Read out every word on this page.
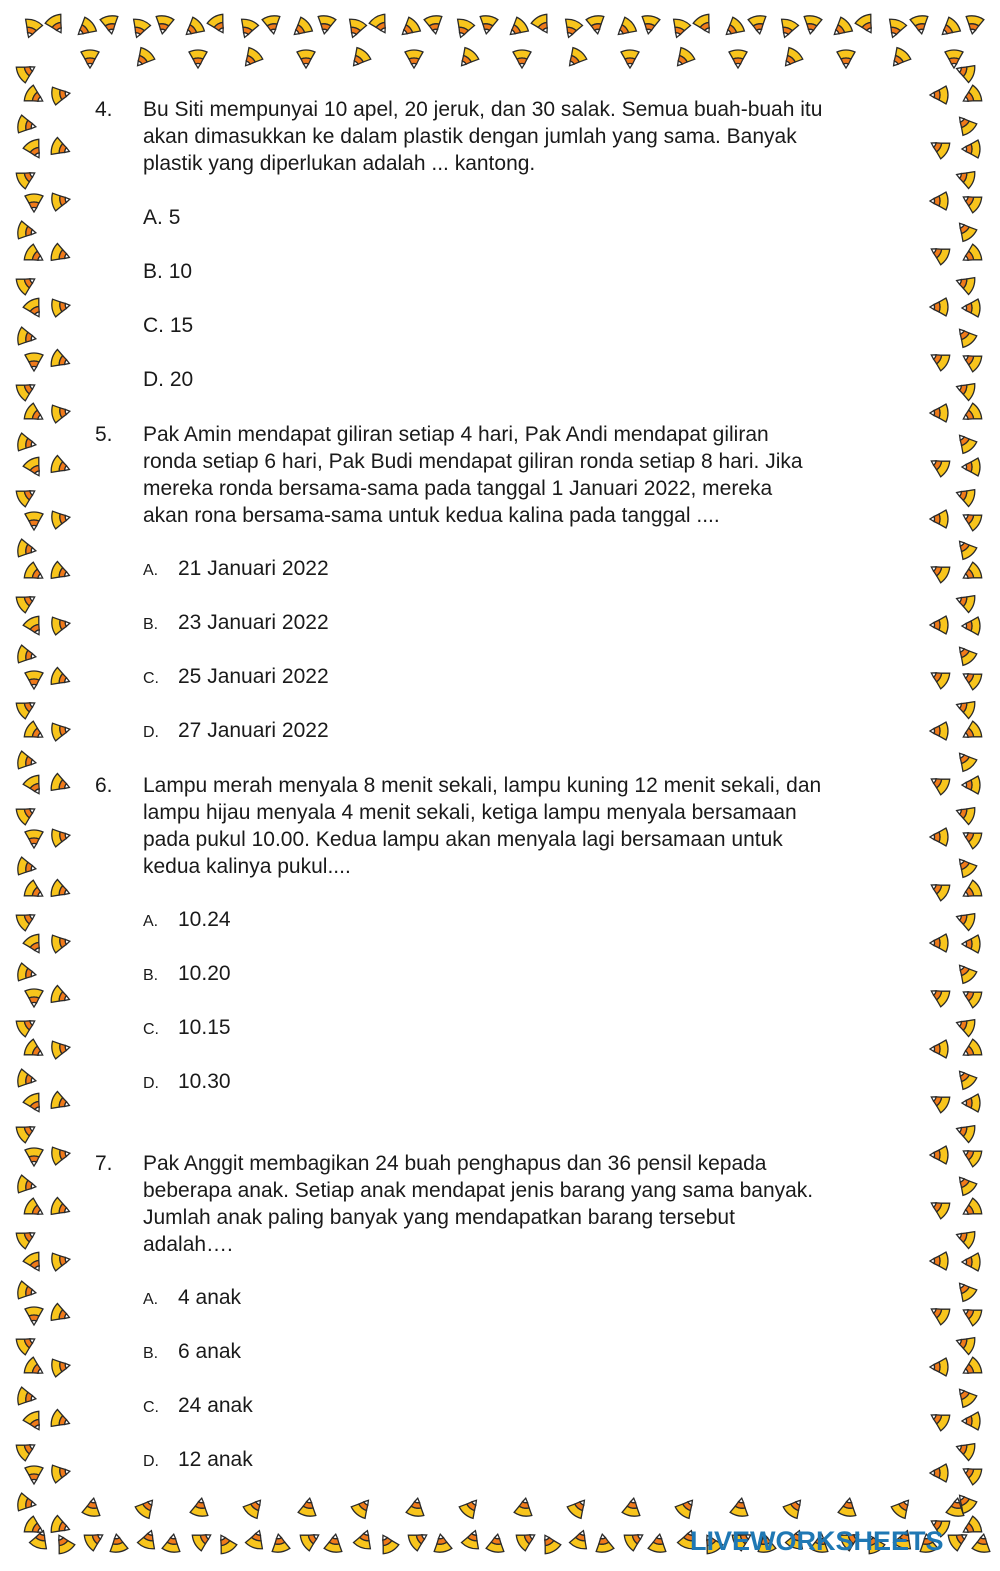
4. Bu Siti mempunyai 10 apel, 20 jeruk, dan 30 salak. Semua buah-buah itu
akan dimasukkan ke dalam plastik dengan jumlah yang sama. Banyak
plastik yang diperlukan adalah ... kantong.
A. 5
B. 10
C. 15
D. 20
5. Pak Amin mendapat giliran setiap 4 hari, Pak Andi mendapat giliran
ronda setiap 6 hari, Pak Budi mendapat giliran ronda setiap 8 hari. Jika
mereka ronda bersama-sama pada tanggal 1 Januari 2022, mereka
akan rona bersama-sama untuk kedua kalina pada tanggal ....
A. 21 Januari 2022
B. 23 Januari 2022
C. 25 Januari 2022
D. 27 Januari 2022
6. Lampu merah menyala 8 menit sekali, lampu kuning 12 menit sekali, dan
lampu hijau menyala 4 menit sekali, ketiga lampu menyala bersamaan
pada pukul 10.00. Kedua lampu akan menyala lagi bersamaan untuk
kedua kalinya pukul....
A. 10.24
B. 10.20
C. 10.15
D. 10.30
7. Pak Anggit membagikan 24 buah penghapus dan 36 pensil kepada
beberapa anak. Setiap anak mendapat jenis barang yang sama banyak.
Jumlah anak paling banyak yang mendapatkan barang tersebut
adalah….
A. 4 anak
B. 6 anak
C. 24 anak
D. 12 anak
LIVEWORKSHEETS
